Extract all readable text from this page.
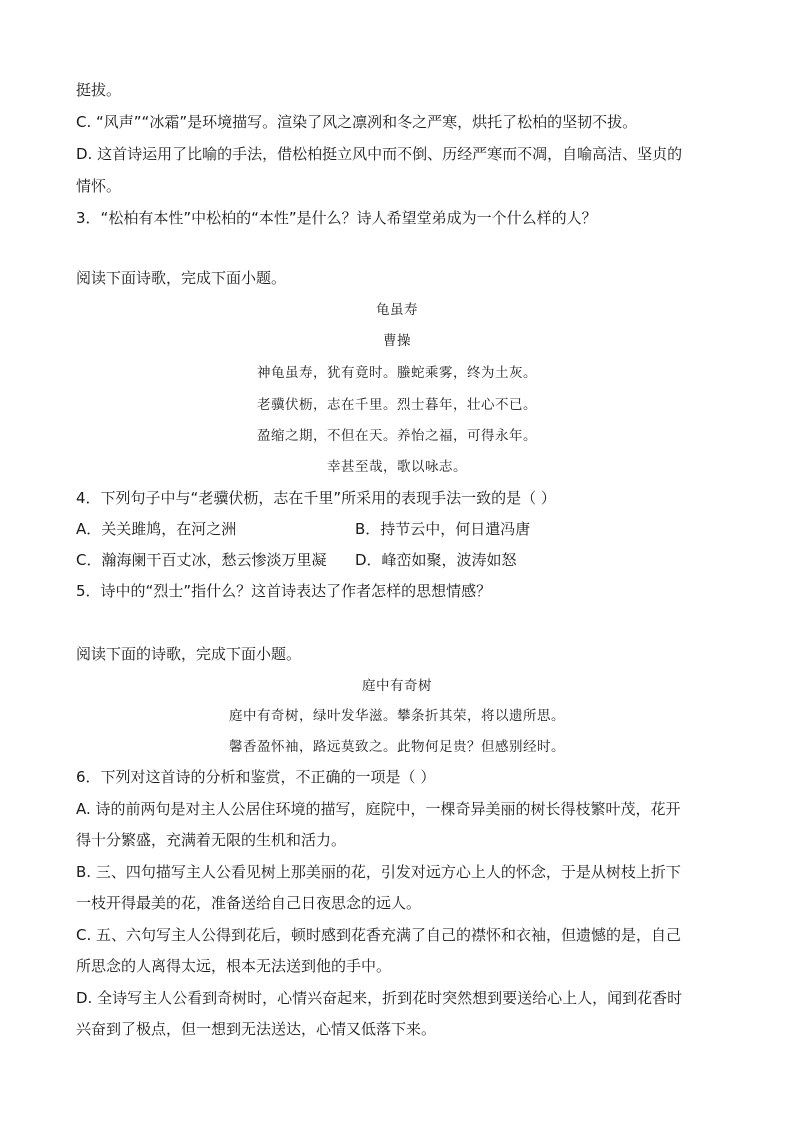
挺拔。
C. “风声”“冰霜”是环境描写。渲染了风之凛冽和冬之严寒，烘托了松柏的坚韧不拔。
D. 这首诗运用了比喻的手法，借松柏挺立风中而不倒、历经严寒而不凋，自喻高洁、坚贞的
情怀。
3．“松柏有本性”中松柏的“本性”是什么？诗人希望堂弟成为一个什么样的人？
阅读下面诗歌，完成下面小题。
龟虽寿
曹操
神龟虽寿，犹有竟时。螣蛇乘雾，终为土灰。
老骥伏枥，志在千里。烈士暮年，壮心不已。
盈缩之期，不但在天。养怡之福，可得永年。
幸甚至哉，歌以咏志。
4．下列句子中与“老骥伏枥，志在千里”所采用的表现手法一致的是（ ）
A．关关雎鸠，在河之洲	B．持节云中，何日遣冯唐
C．瀚海阑干百丈冰，愁云惨淡万里凝	D．峰峦如聚，波涛如怒
5．诗中的“烈士”指什么？这首诗表达了作者怎样的思想情感？
阅读下面的诗歌，完成下面小题。
庭中有奇树
庭中有奇树，绿叶发华滋。攀条折其荣，将以遗所思。
馨香盈怀袖，路远莫致之。此物何足贵？但感别经时。
6．下列对这首诗的分析和鉴赏，不正确的一项是（ ）
A. 诗的前两句是对主人公居住环境的描写，庭院中，一棵奇异美丽的树长得枝繁叶茂，花开
得十分繁盛，充满着无限的生机和活力。
B. 三、四句描写主人公看见树上那美丽的花，引发对远方心上人的怀念，于是从树枝上折下
一枝开得最美的花，准备送给自己日夜思念的远人。
C. 五、六句写主人公得到花后，顿时感到花香充满了自己的襟怀和衣袖，但遗憾的是，自己
所思念的人离得太远，根本无法送到他的手中。
D. 全诗写主人公看到奇树时，心情兴奋起来，折到花时突然想到要送给心上人，闻到花香时
兴奋到了极点，但一想到无法送达，心情又低落下来。
